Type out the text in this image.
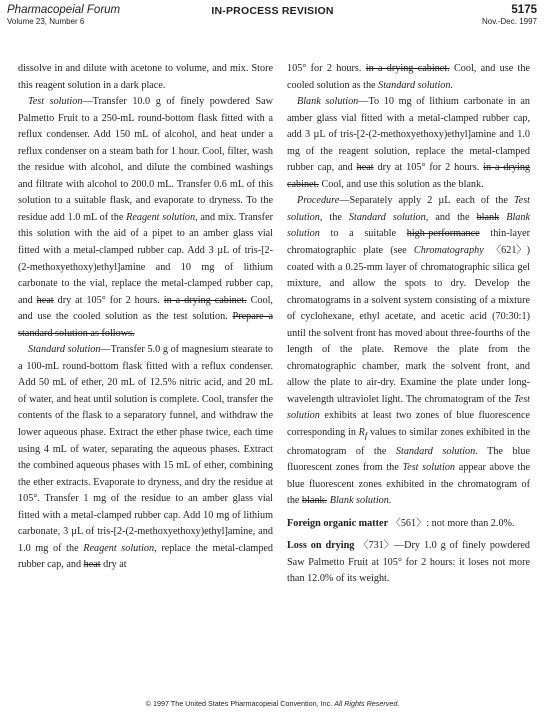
Pharmacopeial Forum
Volume 23, Number 6
IN-PROCESS REVISION	5175
Nov.-Dec. 1997

dissolve in and dilute with acetone to volume, and mix. Store this reagent solution in a dark place.

Test solution—Transfer 10.0 g of finely powdered Saw Palmetto Fruit to a 250-mL round-bottom flask fitted with a reflux condenser. Add 150 mL of alcohol, and heat under a reflux condenser on a steam bath for 1 hour. Cool, filter, wash the residue with alcohol, and dilute the combined washings and filtrate with alcohol to 200.0 mL. Transfer 0.6 mL of this solution to a suitable flask, and evaporate to dryness. To the residue add 1.0 mL of the Reagent solution, and mix. Transfer this solution with the aid of a pipet to an amber glass vial fitted with a metal-clamped rubber cap. Add 3 µL of tris-[2-(2-methoxyethoxy)ethyl]amine and 10 mg of lithium carbonate to the vial, replace the metal-clamped rubber cap, and heat dry at 105° for 2 hours. in a drying cabinet. Cool, and use the cooled solution as the test solution. Prepare a standard solution as follows.

Standard solution—Transfer 5.0 g of magnesium stearate to a 100-mL round-bottom flask fitted with a reflux condenser. Add 50 mL of ether, 20 mL of 12.5% nitric acid, and 20 mL of water, and heat until solution is complete. Cool, transfer the contents of the flask to a separatory funnel, and withdraw the lower aqueous phase. Extract the ether phase twice, each time using 4 mL of water, separating the aqueous phases. Extract the combined aqueous phases with 15 mL of ether, combining the ether extracts. Evaporate to dryness, and dry the residue at 105°. Transfer 1 mg of the residue to an amber glass vial fitted with a metal-clamped rubber cap. Add 10 mg of lithium carbonate, 3 µL of tris-[2-(2-methoxyethoxy)ethyl]amine, and 1.0 mg of the Reagent solution, replace the metal-clamped rubber cap, and heat dry at

105° for 2 hours. in a drying cabinet. Cool, and use the cooled solution as the Standard solution.

Blank solution—To 10 mg of lithium carbonate in an amber glass vial fitted with a metal-clamped rubber cap, add 3 µL of tris-[2-(2-methoxyethoxy)ethyl]amine and 1.0 mg of the reagent solution, replace the metal-clamped rubber cap, and heat dry at 105° for 2 hours. in a drying cabinet. Cool, and use this solution as the blank.

Procedure—Separately apply 2 µL each of the Test solution, the Standard solution, and the blank Blank solution to a suitable high-performance thin-layer chromatographic plate (see Chromatography 〈621〉) coated with a 0.25-mm layer of chromatographic silica gel mixture, and allow the spots to dry. Develop the chromatograms in a solvent system consisting of a mixture of cyclohexane, ethyl acetate, and acetic acid (70:30:1) until the solvent front has moved about three-fourths of the length of the plate. Remove the plate from the chromatographic chamber, mark the solvent front, and allow the plate to air-dry. Examine the plate under long-wavelength ultraviolet light. The chromatogram of the Test solution exhibits at least two zones of blue fluorescence corresponding in $R_f$ values to similar zones exhibited in the chromatogram of the Standard solution. The blue fluorescent zones from the Test solution appear above the blue fluorescent zones exhibited in the chromatogram of the blank. Blank solution.

Foreign organic matter 〈561〉: not more than 2.0%.

Loss on drying 〈731〉—Dry 1.0 g of finely powdered Saw Palmetto Fruit at 105° for 2 hours: it loses not more than 12.0% of its weight.

© 1997 The United States Pharmacopeial Convention, Inc. All Rights Reserved.
